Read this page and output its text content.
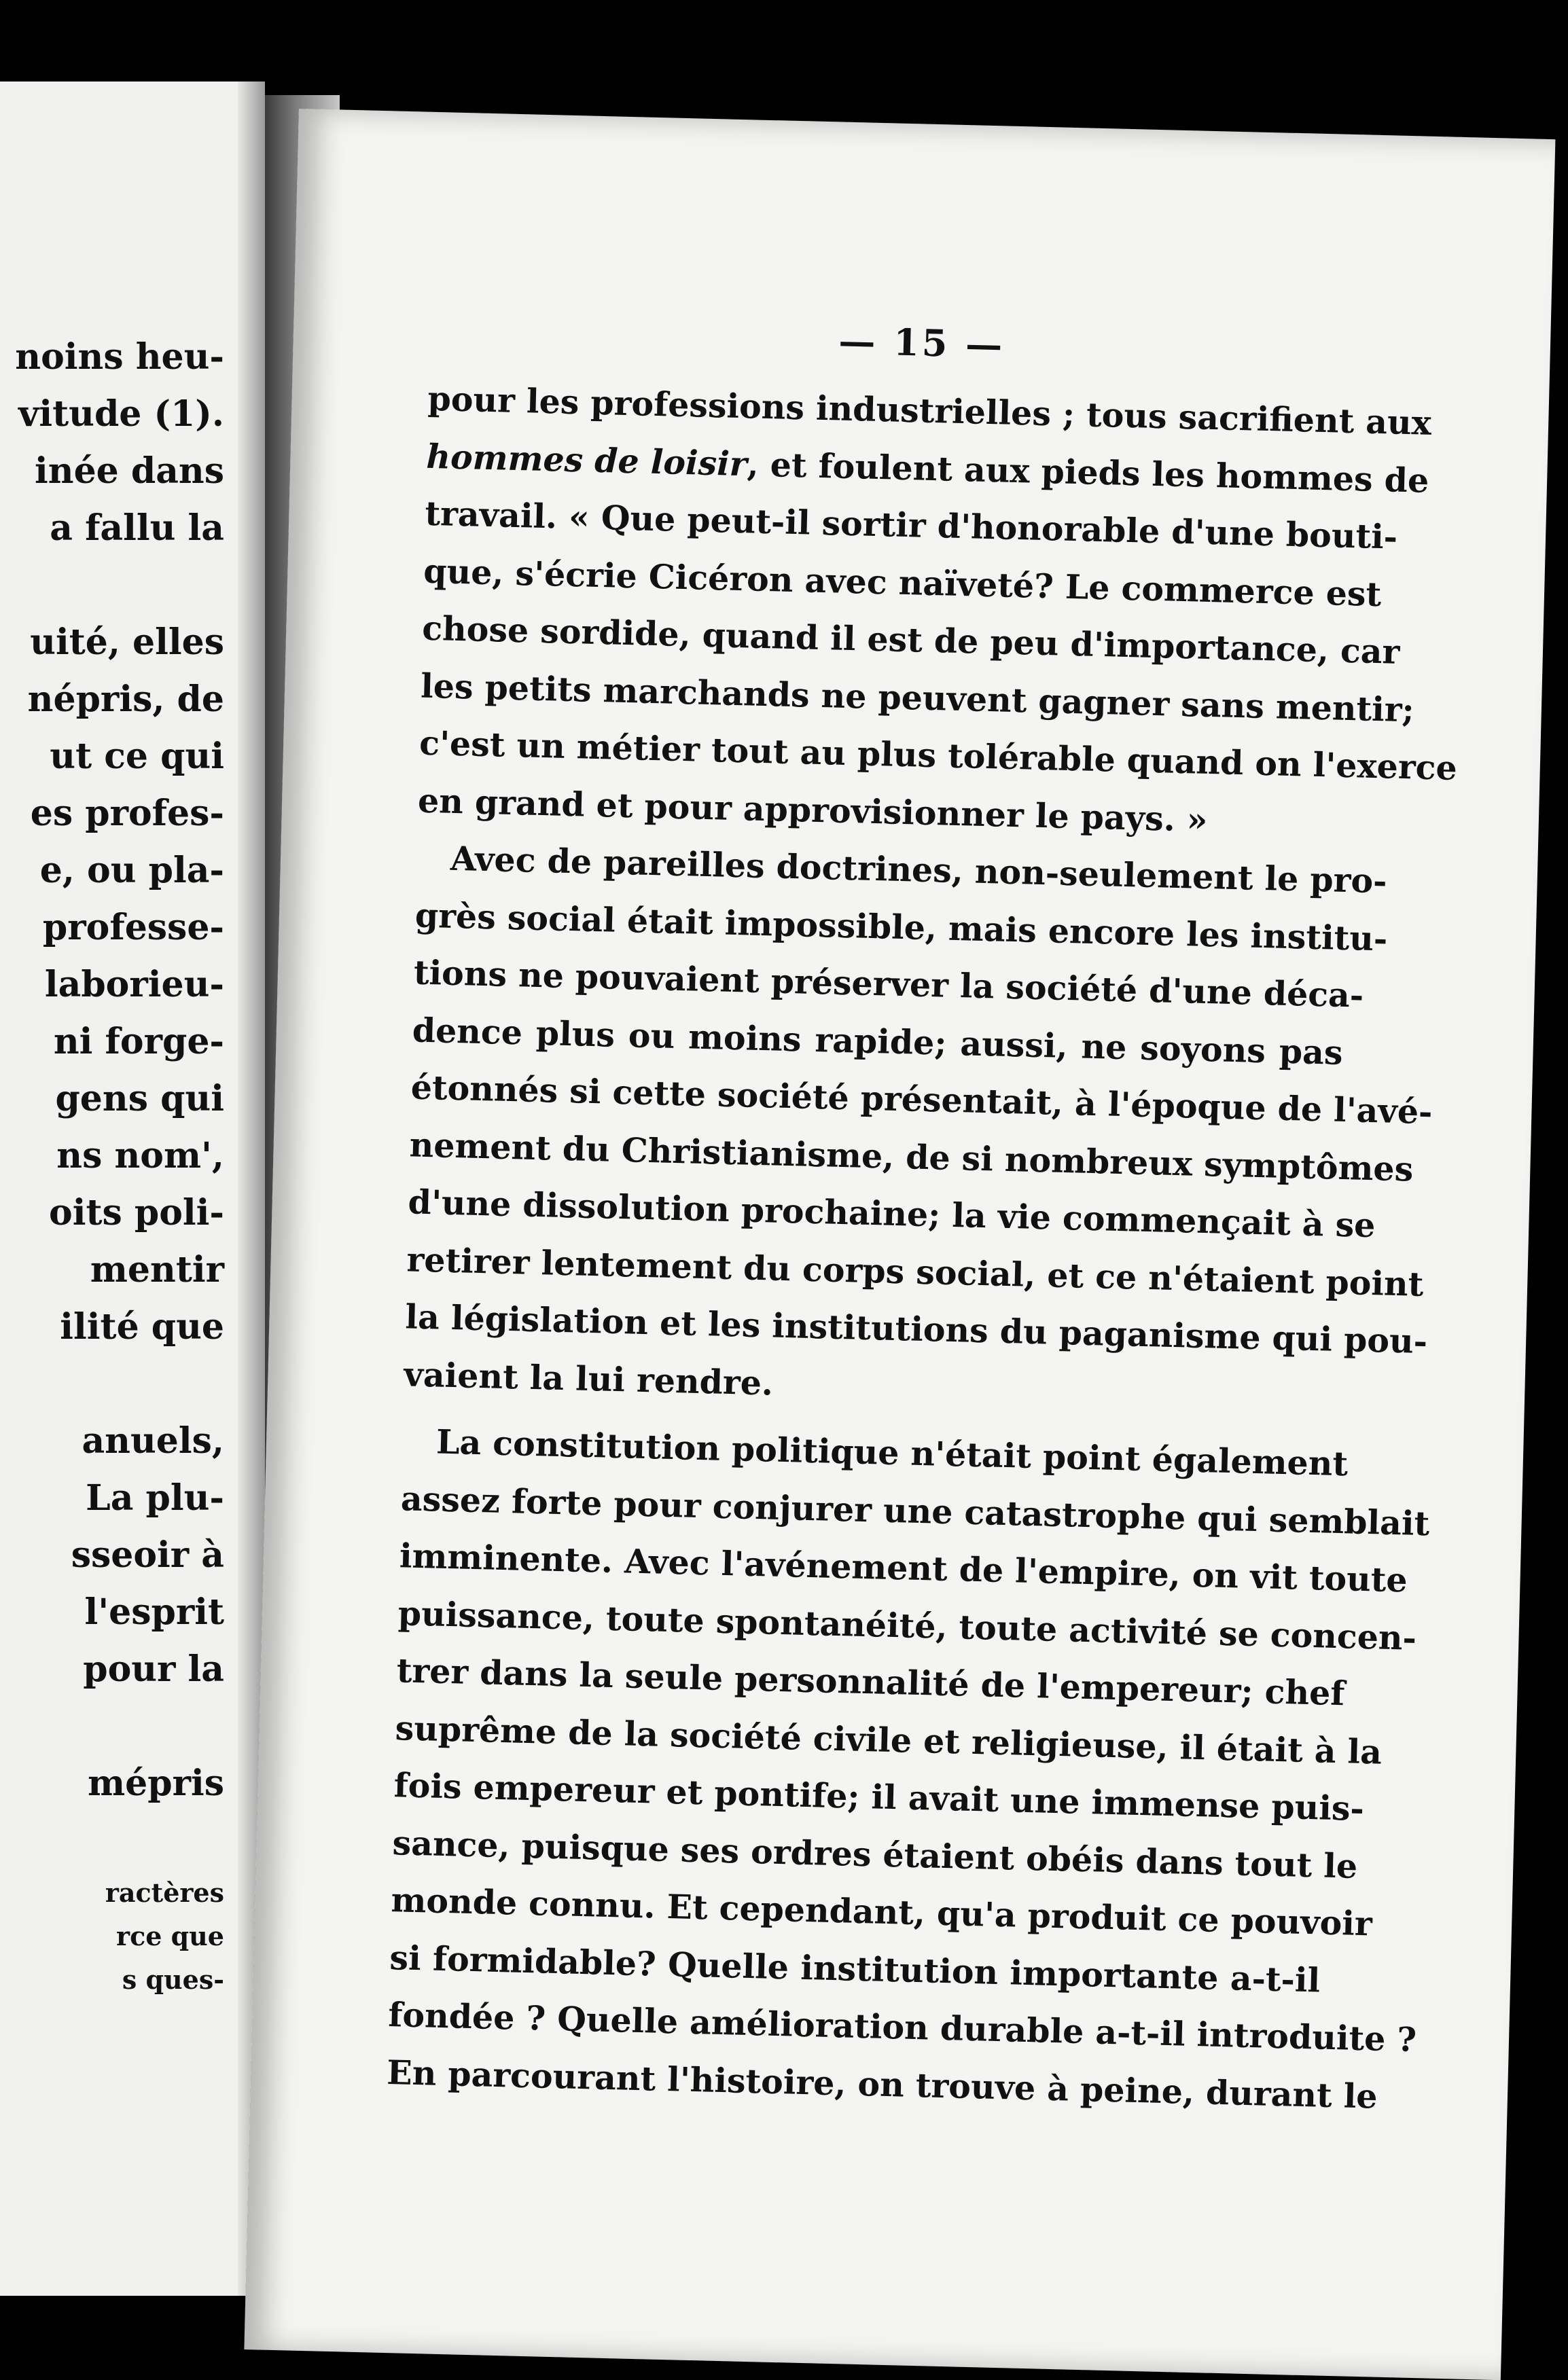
noins heu-
vitude (1).
inée dans
a fallu la
uité, elles
népris, de
ut ce qui
es profes-
e, ou pla-
professe-
laborieu-
ni forge-
gens qui
ns nom',
oits poli-
mentir
ilité que
anuels,
La plu-
sseoir à
l'esprit
pour la
mépris
ractères
rce que
s ques-
— 15 —
pour les professions industrielles ; tous sacrifient aux
hommes de loisir, et foulent aux pieds les hommes de
travail. « Que peut-il sortir d'honorable d'une bouti-
que, s'écrie Cicéron avec naïveté? Le commerce est
chose sordide, quand il est de peu d'importance, car
les petits marchands ne peuvent gagner sans mentir;
c'est un métier tout au plus tolérable quand on l'exerce
en grand et pour approvisionner le pays. »
Avec de pareilles doctrines, non-seulement le pro-
grès social était impossible, mais encore les institu-
tions ne pouvaient préserver la société d'une déca-
dence plus ou moins rapide; aussi, ne soyons pas
étonnés si cette société présentait, à l'époque de l'avé-
nement du Christianisme, de si nombreux symptômes
d'une dissolution prochaine; la vie commençait à se
retirer lentement du corps social, et ce n'étaient point
la législation et les institutions du paganisme qui pou-
vaient la lui rendre.
La constitution politique n'était point également
assez forte pour conjurer une catastrophe qui semblait
imminente. Avec l'avénement de l'empire, on vit toute
puissance, toute spontanéité, toute activité se concen-
trer dans la seule personnalité de l'empereur; chef
suprême de la société civile et religieuse, il était à la
fois empereur et pontife; il avait une immense puis-
sance, puisque ses ordres étaient obéis dans tout le
monde connu. Et cependant, qu'a produit ce pouvoir
si formidable? Quelle institution importante a-t-il
fondée ? Quelle amélioration durable a-t-il introduite ?
En parcourant l'histoire, on trouve à peine, durant le
